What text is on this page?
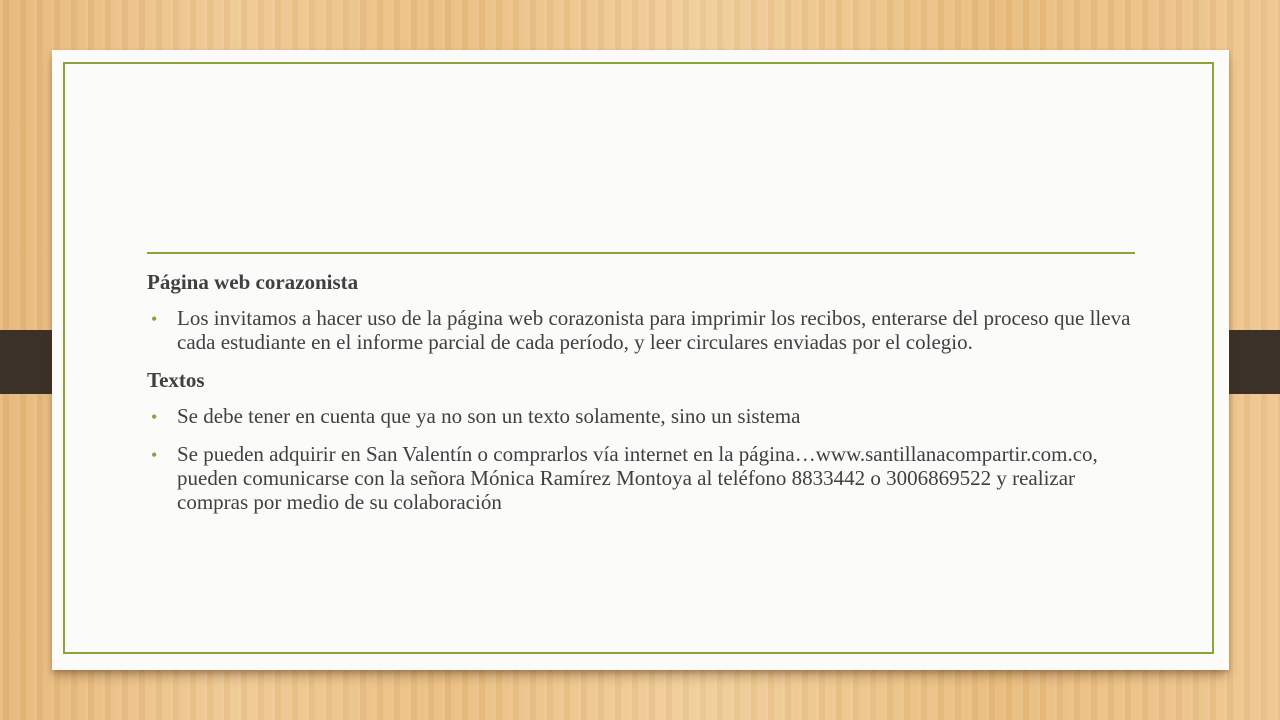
Página web corazonista
• Los invitamos a hacer uso de la página web corazonista para imprimir los recibos, enterarse del proceso que lleva cada estudiante en el informe parcial de cada período, y leer circulares enviadas por el colegio.
Textos
• Se debe tener en cuenta que ya no son un texto solamente, sino un sistema
• Se pueden adquirir en San Valentín o comprarlos vía internet en la página…www.santillanacompartir.com.co, pueden comunicarse con la señora Mónica Ramírez Montoya al teléfono 8833442 o 3006869522 y realizar compras por medio de su colaboración
